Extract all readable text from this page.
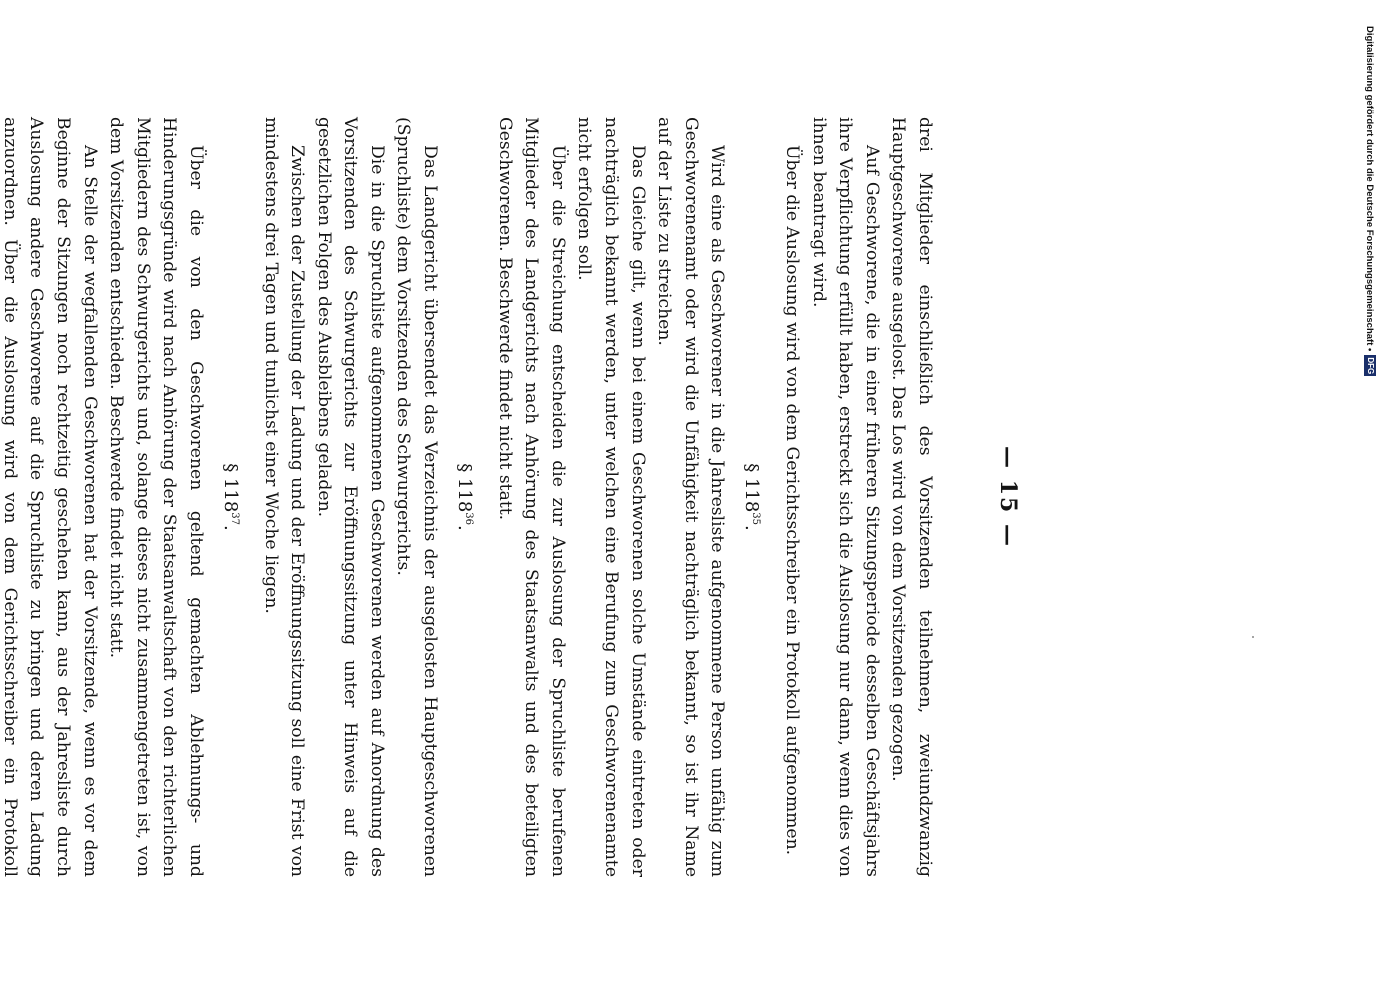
— 15 —

drei Mitglieder einschließlich des Vorsitzenden teilnehmen, zweiundzwanzig Hauptgeschworene ausgelost. Das Los wird von dem Vorsitzenden gezogen.

Auf Geschworene, die in einer früheren Sitzungsperiode desselben Geschäftsjahrs ihre Verpflichtung erfüllt haben, erstreckt sich die Auslosung nur dann, wenn dies von ihnen beantragt wird.

Über die Auslosung wird von dem Gerichtsschreiber ein Protokoll aufgenommen.

§ $118^{35}$.

Wird eine als Geschworener in die Jahresliste aufgenommene Person unfähig zum Geschworenenamt oder wird die Unfähigkeit nachträglich bekannt, so ist ihr Name auf der Liste zu streichen.

Das Gleiche gilt, wenn bei einem Geschworenen solche Umstände eintreten oder nachträglich bekannt werden, unter welchen eine Berufung zum Geschworenenamte nicht erfolgen soll.

Über die Streichung entscheiden die zur Auslosung der Spruchliste berufenen Mitglieder des Landgerichts nach Anhörung des Staatsanwalts und des beteiligten Geschworenen. Beschwerde findet nicht statt.

§ $118^{36}$.

Das Landgericht übersendet das Verzeichnis der ausgelosten Hauptgeschworenen (Spruchliste) dem Vorsitzenden des Schwurgerichts.

Die in die Spruchliste aufgenommenen Geschworenen werden auf Anordnung des Vorsitzenden des Schwurgerichts zur Eröffnungssitzung unter Hinweis auf die gesetzlichen Folgen des Ausbleibens geladen.

Zwischen der Zustellung der Ladung und der Eröffnungssitzung soll eine Frist von mindestens drei Tagen und tunlichst einer Woche liegen.

§ $118^{37}$.

Über die von den Geschworenen geltend gemachten Ablehnungs- und Hinderungsgründe wird nach Anhörung der Staatsanwaltschaft von den richterlichen Mitgliedern des Schwurgerichts und, solange dieses nicht zusammengetreten ist, von dem Vorsitzenden entschieden. Beschwerde findet nicht statt.

An Stelle der wegfallenden Geschworenen hat der Vorsitzende, wenn es vor dem Beginne der Sitzungen noch rechtzeitig geschehen kann, aus der Jahresliste durch Auslosung andere Geschworene auf die Spruchliste zu bringen und deren Ladung anzuordnen. Über die Auslosung wird von dem Gerichtsschreiber ein Protokoll

Digitalisierung gefördert durch die Deutsche Forschungsgemeinschaft •
DFG
